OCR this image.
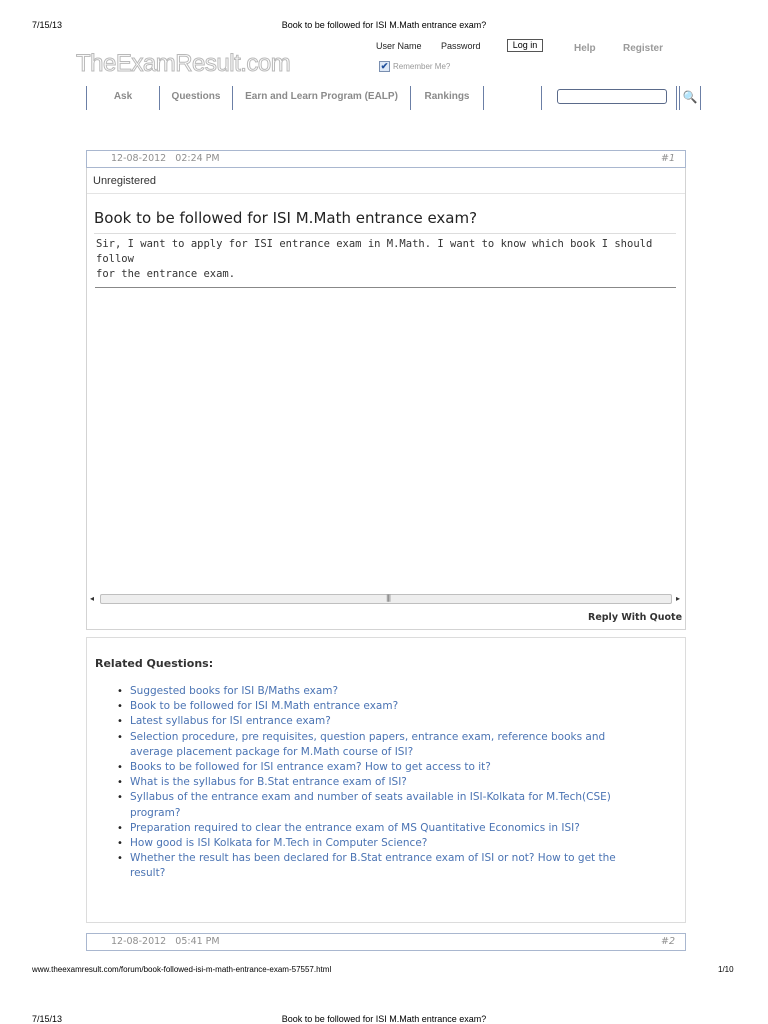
7/15/13	Book to be followed for ISI M.Math entrance exam?
TheExamResult.com
User Name Password	Log in
✔ Remember Me?
Help	Register
Ask	Questions	Earn and Learn Program (EALP)	Rankings	🔍
12-08-2012 02:24 PM	#1
Unregistered
Book to be followed for ISI M.Math entrance exam?
Sir, I want to apply for ISI entrance exam in M.Math. I want to know which book I should follow
for the entrance exam.
◂	|||	▸
Reply With Quote
Related Questions:
• Suggested books for ISI B/Maths exam?
• Book to be followed for ISI M.Math entrance exam?
• Latest syllabus for ISI entrance exam?
• Selection procedure, pre requisites, question papers, entrance exam, reference books and average placement package for M.Math course of ISI?
• Books to be followed for ISI entrance exam? How to get access to it?
• What is the syllabus for B.Stat entrance exam of ISI?
• Syllabus of the entrance exam and number of seats available in ISI-Kolkata for M.Tech(CSE) program?
• Preparation required to clear the entrance exam of MS Quantitative Economics in ISI?
• How good is ISI Kolkata for M.Tech in Computer Science?
• Whether the result has been declared for B.Stat entrance exam of ISI or not? How to get the result?
12-08-2012 05:41 PM	#2
www.theexamresult.com/forum/book-followed-isi-m-math-entrance-exam-57557.html	1/10
7/15/13	Book to be followed for ISI M.Math entrance exam?
